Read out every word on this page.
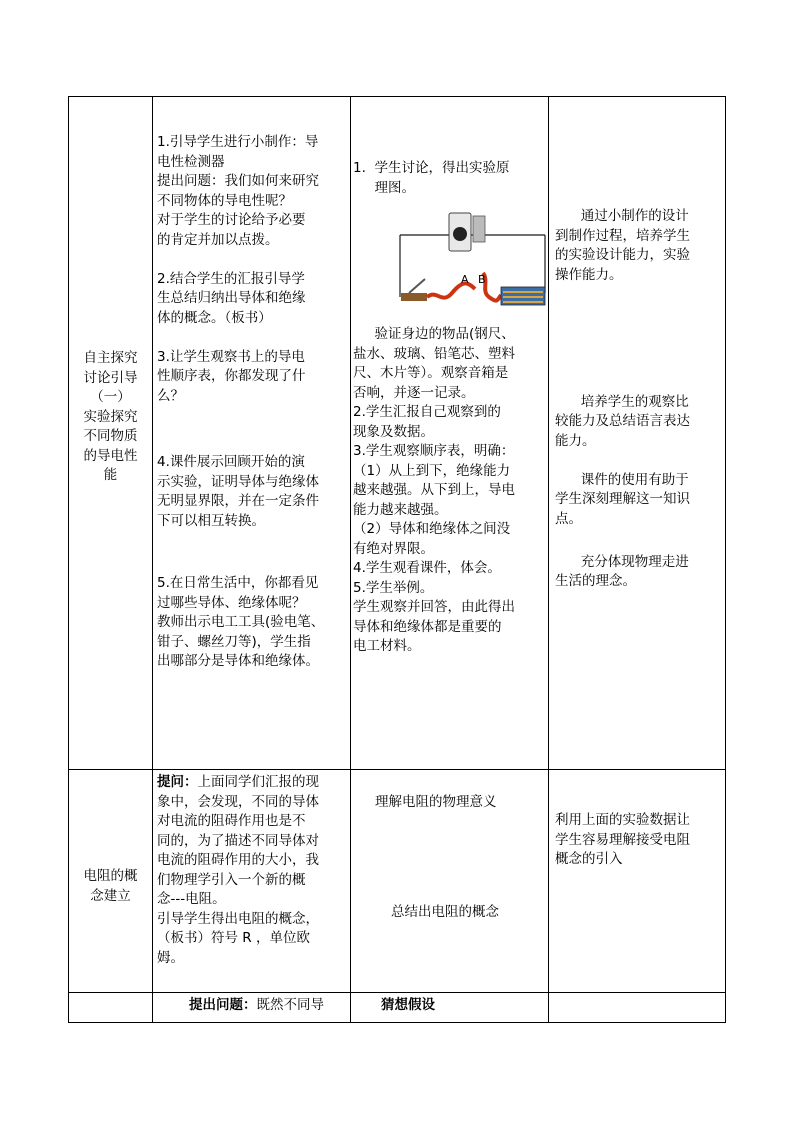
自主探究

讨论引导

（一）

实验探究

不同物质

的导电性

能

1.引导学生进行小制作：导

电性检测器

提出问题：我们如何来研究

不同物体的导电性呢？

对于学生的讨论给予必要

的肯定并加以点拨。

2.结合学生的汇报引导学

生总结归纳出导体和绝缘

体的概念。（板书）

3.让学生观察书上的导电

性顺序表，你都发现了什

么？

4.课件展示回顾开始的演

示实验，证明导体与绝缘体

无明显界限，并在一定条件

下可以相互转换。

5.在日常生活中，你都看见

过哪些导体、绝缘体呢？

教师出示电工工具(验电笔、

钳子、螺丝刀等)，学生指

出哪部分是导体和绝缘体。

1.  学生讨论，得出实验原

理图。

A B

验证身边的物品(钢尺、

盐水、玻璃、铅笔芯、塑料

尺、木片等）。观察音箱是

否响，并逐一记录。

2.学生汇报自己观察到的

现象及数据。

3.学生观察顺序表，明确：

（1）从上到下，绝缘能力

越来越强。从下到上，导电

能力越来越强。

（2）导体和绝缘体之间没

有绝对界限。

4.学生观看课件，体会。

5.学生举例。

学生观察并回答，由此得出

导体和绝缘体都是重要的

电工材料。

通过小制作的设计

到制作过程，培养学生

的实验设计能力，实验

操作能力。

培养学生的观察比

较能力及总结语言表达

能力。

课件的使用有助于

学生深刻理解这一知识

点。

充分体现物理走进

生活的理念。

电阻的概

念建立

提问：上面同学们汇报的现

象中，会发现，不同的导体

对电流的阻碍作用也是不

同的，为了描述不同导体对

电流的阻碍作用的大小，我

们物理学引入一个新的概

念---电阻。

引导学生得出电阻的概念，

（板书）符号 R ，单位欧

姆。

理解电阻的物理意义

总结出电阻的概念

利用上面的实验数据让

学生容易理解接受电阻

概念的引入

提出问题：既然不同导	猜想假设
